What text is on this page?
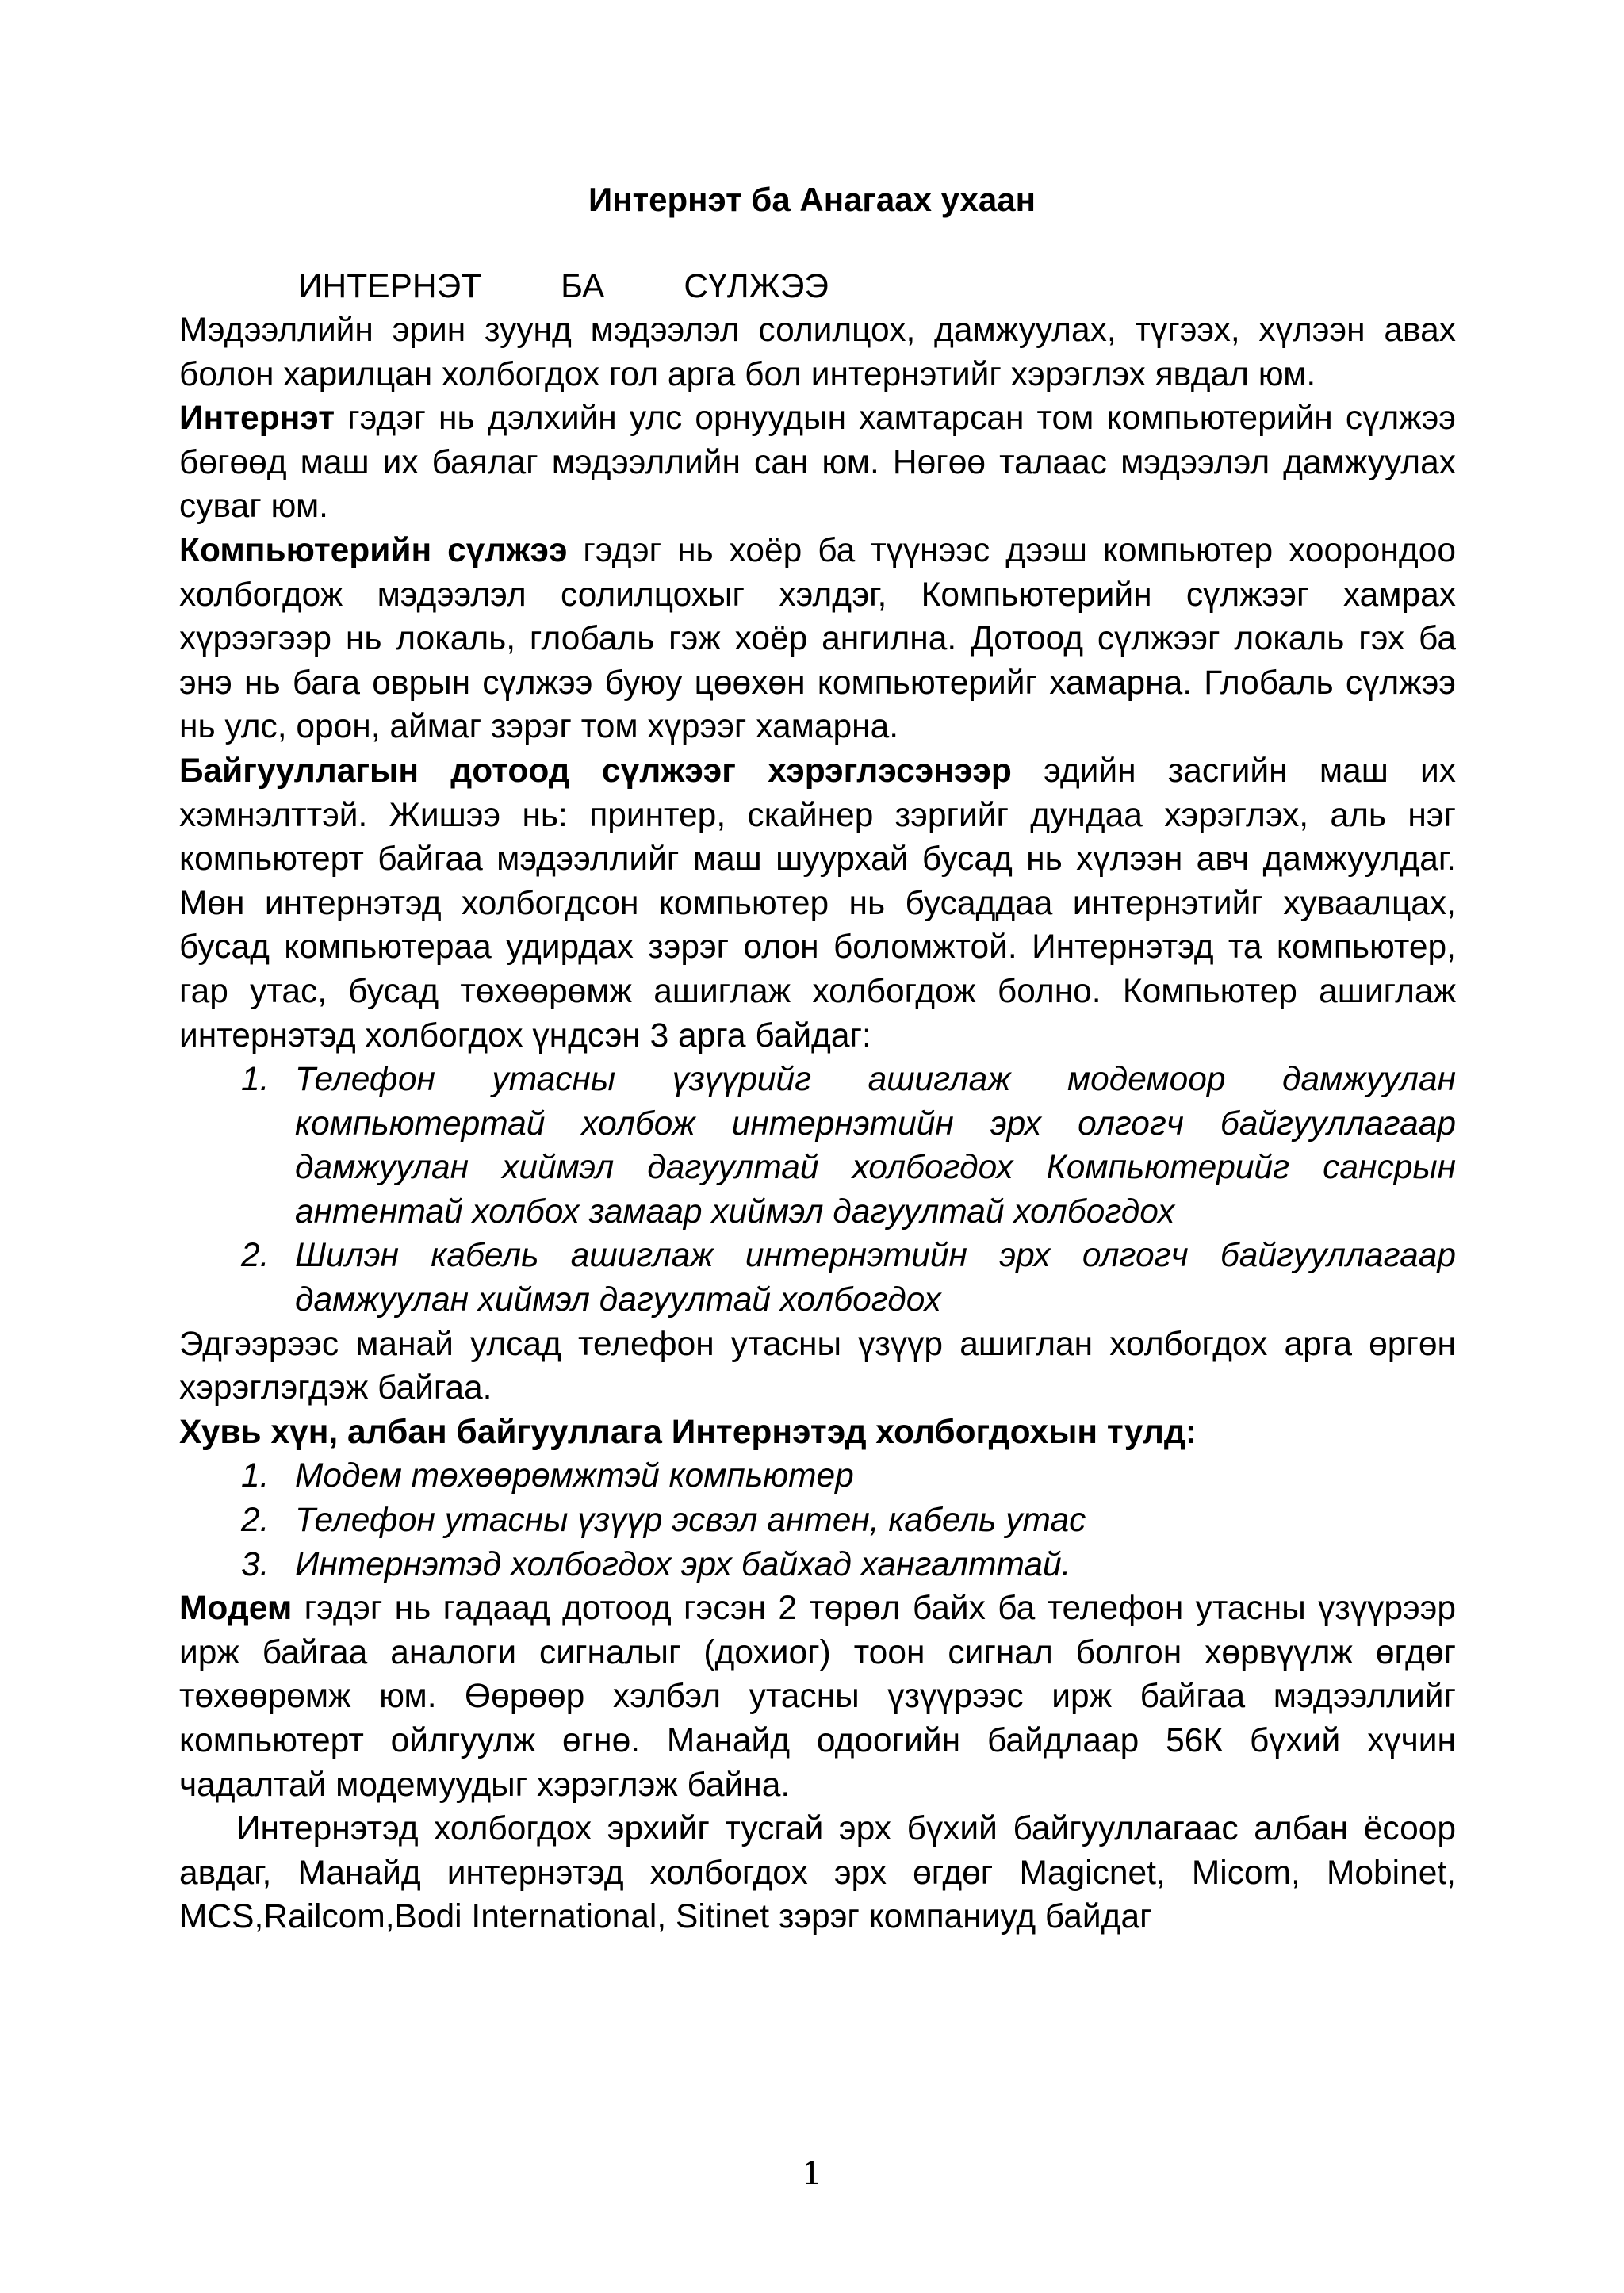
Интернэт ба Анагаах ухаан
ИНТЕРНЭТ БА СҮЛЖЭЭ

Мэдээллийн эрин зуунд мэдээлэл солилцох, дамжуулах, түгээх, хүлээн авах болон харилцан холбогдох гол арга бол интернэтийг хэрэглэх явдал юм.

Интернэт гэдэг нь дэлхийн улс орнуудын хамтарсан том компьютерийн сүлжээ бөгөөд маш их баялаг мэдээллийн сан юм. Нөгөө талаас мэдээлэл дамжуулах суваг юм.

Компьютерийн сүлжээ гэдэг нь хоёр ба түүнээс дээш компьютер хоорондоо холбогдож мэдээлэл солилцохыг хэлдэг, Компьютерийн сүлжээг хамрах хүрээгээр нь локаль, глобаль гэж хоёр ангилна. Дотоод сүлжээг локаль гэх ба энэ нь бага оврын сүлжээ буюу цөөхөн компьютерийг хамарна. Глобаль сүлжээ нь улс, орон, аймаг зэрэг том хүрээг хамарна.

Байгууллагын дотоод сүлжээг хэрэглэсэнээр эдийн засгийн маш их хэмнэлттэй. Жишээ нь: принтер, скайнер зэргийг дундаа хэрэглэх, аль нэг компьютерт байгаа мэдээллийг маш шуурхай бусад нь хүлээн авч дамжуулдаг. Мөн интернэтэд холбогдсон компьютер нь бусаддаа интернэтийг хуваалцах, бусад компьютераа удирдах зэрэг олон боломжтой. Интернэтэд та компьютер, гар утас, бусад төхөөрөмж ашиглаж холбогдож болно. Компьютер ашиглаж интернэтэд холбогдох үндсэн 3 арга байдаг:

1. Телефон утасны үзүүрийг ашиглаж модемоор дамжуулан компьютертай холбож интернэтийн эрх олгогч байгууллагаар дамжуулан хиймэл дагуултай холбогдох Компьютерийг сансрын антентай холбох замаар хиймэл дагуултай холбогдох
2. Шилэн кабель ашиглаж интернэтийн эрх олгогч байгууллагаар дамжуулан хиймэл дагуултай холбогдох

Эдгээрээс манай улсад телефон утасны үзүүр ашиглан холбогдох арга өргөн хэрэглэгдэж байгаа.

Хувь хүн, албан байгууллага Интернэтэд холбогдохын тулд:

1. Модем төхөөрөмжтэй компьютер
2. Телефон утасны үзүүр эсвэл антен, кабель утас
3. Интернэтэд холбогдох эрх байхад хангалттай.

Модем гэдэг нь гадаад дотоод гэсэн 2 төрөл байх ба телефон утасны үзүүрээр ирж байгаа аналоги сигналыг (дохиог) тоон сигнал болгон хөрвүүлж өгдөг төхөөрөмж юм. Өөрөөр хэлбэл утасны үзүүрээс ирж байгаа мэдээллийг компьютерт ойлгуулж өгнө. Манайд одоогийн байдлаар 56К бүхий хүчин чадалтай модемуудыг хэрэглэж байна.

Интернэтэд холбогдох эрхийг тусгай эрх бүхий байгууллагаас албан ёсоор авдаг, Манайд интернэтэд холбогдох эрх өгдөг Magicnet, Micom, Mobinet, MCS,Railcom,Bodi International, Sitinet зэрэг компаниуд байдаг

1
